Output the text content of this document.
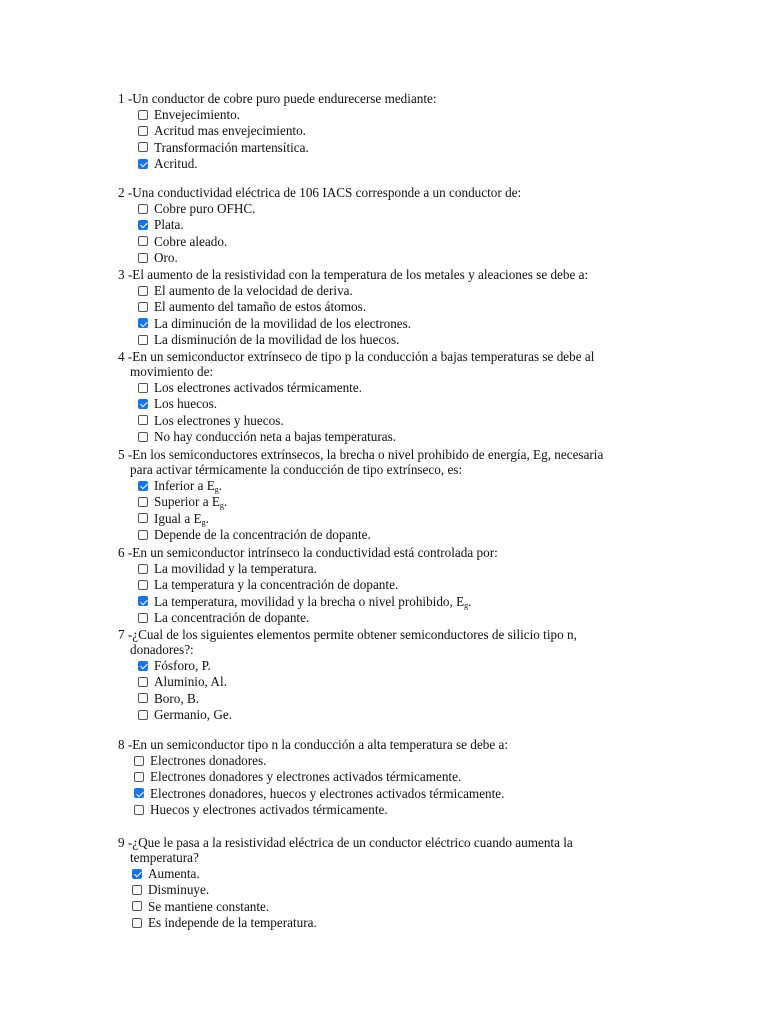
1 -Un conductor de cobre puro puede endurecerse mediante:
Envejecimiento.
Acritud mas envejecimiento.
Transformación martensítica.
Acritud.
2 -Una conductividad eléctrica de 106 IACS corresponde a un conductor de:
Cobre puro OFHC.
Plata.
Cobre aleado.
Oro.
3 -El aumento de la resistividad con la temperatura de los metales y aleaciones se debe a:
El aumento de la velocidad de deriva.
El aumento del tamaño de estos átomos.
La diminución de la movilidad de los electrones.
La disminución de la movilidad de los huecos.
4 -En un semiconductor extrínseco de tipo p la conducción a bajas temperaturas se debe al
movimiento de:
Los electrones activados térmicamente.
Los huecos.
Los electrones y huecos.
No hay conducción neta a bajas temperaturas.
5 -En los semiconductores extrínsecos, la brecha o nivel prohibido de energía, Eg, necesaria
para activar térmicamente la conducción de tipo extrínseco, es:
Inferior a $E_g$.
Superior a $E_g$.
Igual a $E_g$.
Depende de la concentración de dopante.
6 -En un semiconductor intrínseco la conductividad está controlada por:
La movilidad y la temperatura.
La temperatura y la concentración de dopante.
La temperatura, movilidad y la brecha o nivel prohibido, $E_g$.
La concentración de dopante.
7 -¿Cual de los siguientes elementos permite obtener semiconductores de silicio tipo n,
donadores?:
Fósforo, P.
Aluminio, Al.
Boro, B.
Germanio, Ge.
8 -En un semiconductor tipo n la conducción a alta temperatura se debe a:
Electrones donadores.
Electrones donadores y electrones activados térmicamente.
Electrones donadores, huecos y electrones activados térmicamente.
Huecos y electrones activados térmicamente.
9 -¿Que le pasa a la resistividad eléctrica de un conductor eléctrico cuando aumenta la
temperatura?
Aumenta.
Disminuye.
Se mantiene constante.
Es independe de la temperatura.
